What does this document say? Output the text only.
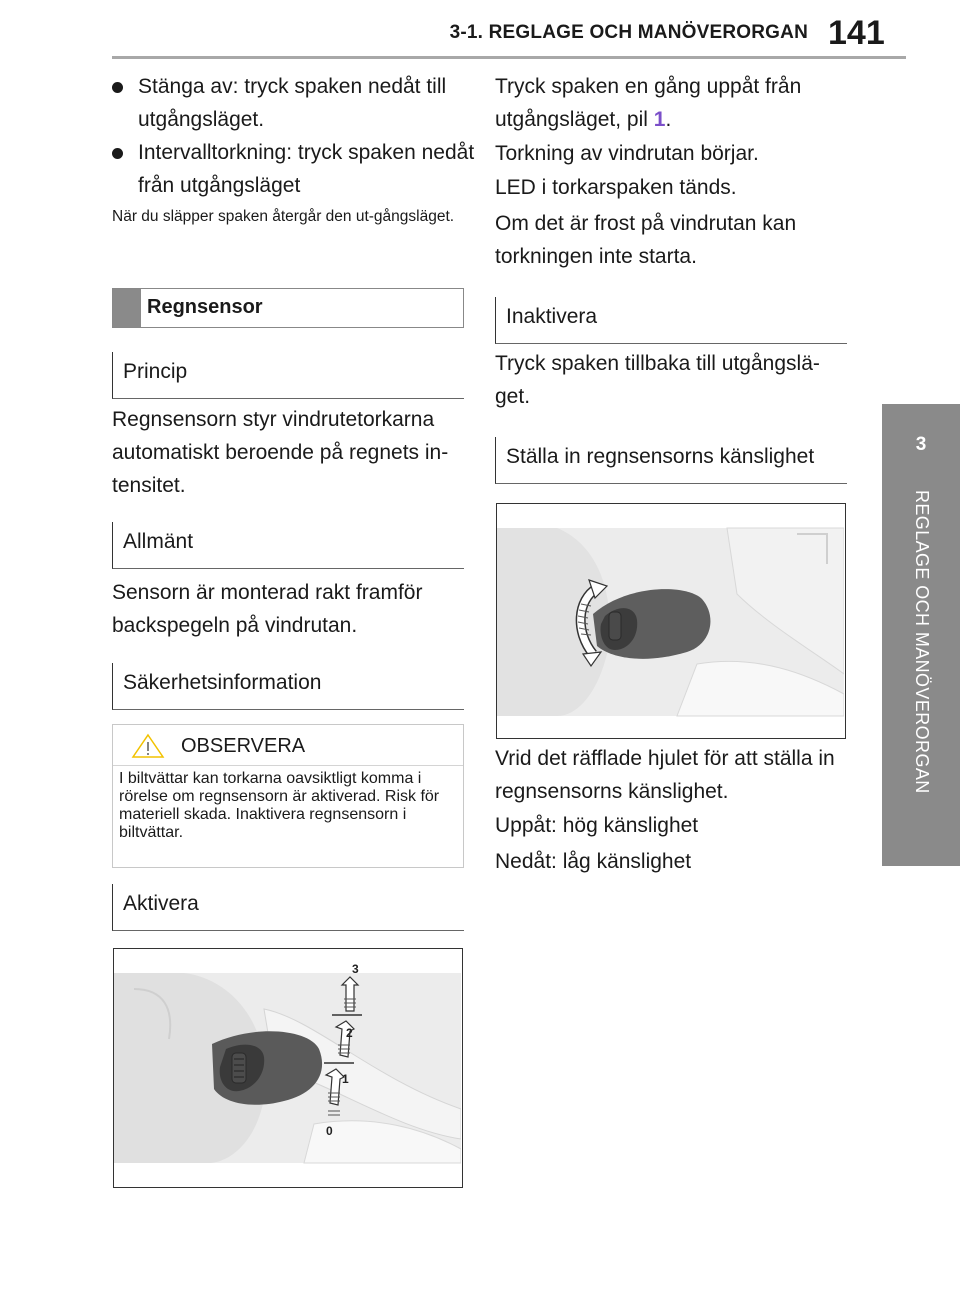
3-1. REGLAGE OCH MANÖVERORGAN 141
3
REGLAGE OCH MANÖVERORGAN
Stänga av: tryck spaken nedåt till utgångsläget.
Intervalltorkning: tryck spaken nedåt från utgångsläget
När du släpper spaken återgår den ut-gångsläget.
Regnsensor
Princip
Regnsensorn styr vindrutetorkarna automatiskt beroende på regnets in-tensitet.
Allmänt
Sensorn är monterad rakt framför backspegeln på vindrutan.
Säkerhetsinformation
OBSERVERA
I biltvättar kan torkarna oavsiktligt komma i rörelse om regnsensorn är aktiverad. Risk för materiell skada. Inaktivera regnsensorn i biltvättar.
Aktivera
0
1
2
3
Tryck spaken en gång uppåt från utgångsläget, pil 1.
Torkning av vindrutan börjar.
LED i torkarspaken tänds.
Om det är frost på vindrutan kan torkningen inte starta.
Inaktivera
Tryck spaken tillbaka till utgångslä-get.
Ställa in regnsensorns känslighet
Vrid det räfflade hjulet för att ställa in regnsensorns känslighet.
Uppåt: hög känslighet
Nedåt: låg känslighet
